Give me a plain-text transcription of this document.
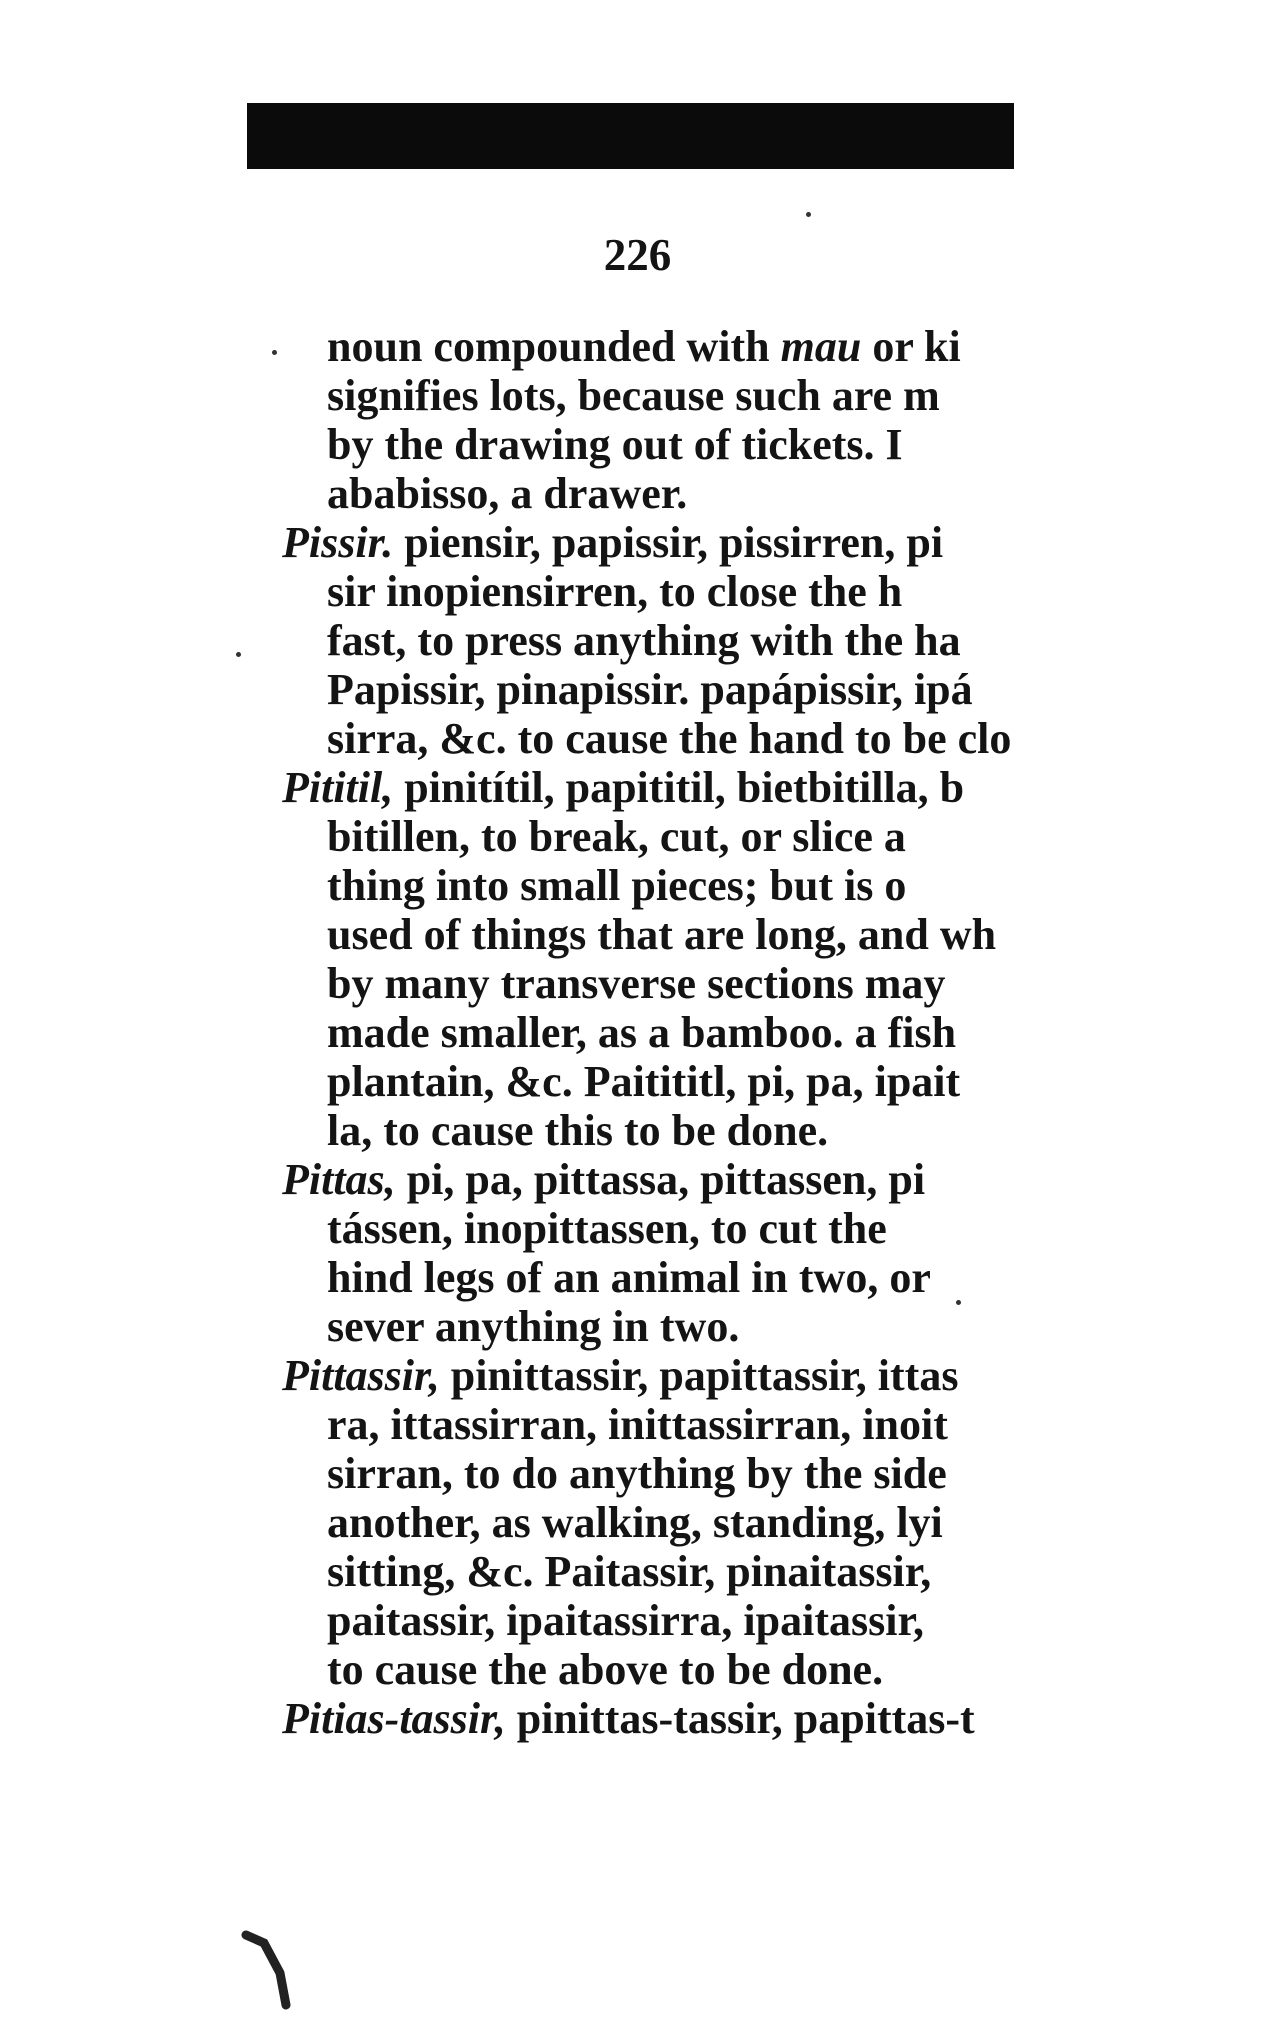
226
noun compounded with mau or ki
signifies lots, because such are m
by the drawing out of tickets. I
ababisso, a drawer.
Pissir. piensir, papissir, pissirren, pi
sir inopiensirren, to close the h
fast, to press anything with the ha
Papissir, pinapissir. papápissir, ipá
sirra, &c. to cause the hand to be clo
Pititil, pinitítil, papititil, bietbitilla, b
bitillen, to break, cut, or slice a
thing into small pieces; but is o
used of things that are long, and wh
by many transverse sections may
made smaller, as a bamboo. a fish
plantain, &c. Paitititl, pi, pa, ipait
la, to cause this to be done.
Pittas, pi, pa, pittassa, pittassen, pi
tássen, inopittassen, to cut the
hind legs of an animal in two, or
sever anything in two.
Pittassir, pinittassir, papittassir, ittas
ra, ittassirran, inittassirran, inoit
sirran, to do anything by the side
another, as walking, standing, lyi
sitting, &c. Paitassir, pinaitassir,
paitassir, ipaitassirra, ipaitassir,
to cause the above to be done.
Pitias-tassir, pinittas-tassir, papittas-t
